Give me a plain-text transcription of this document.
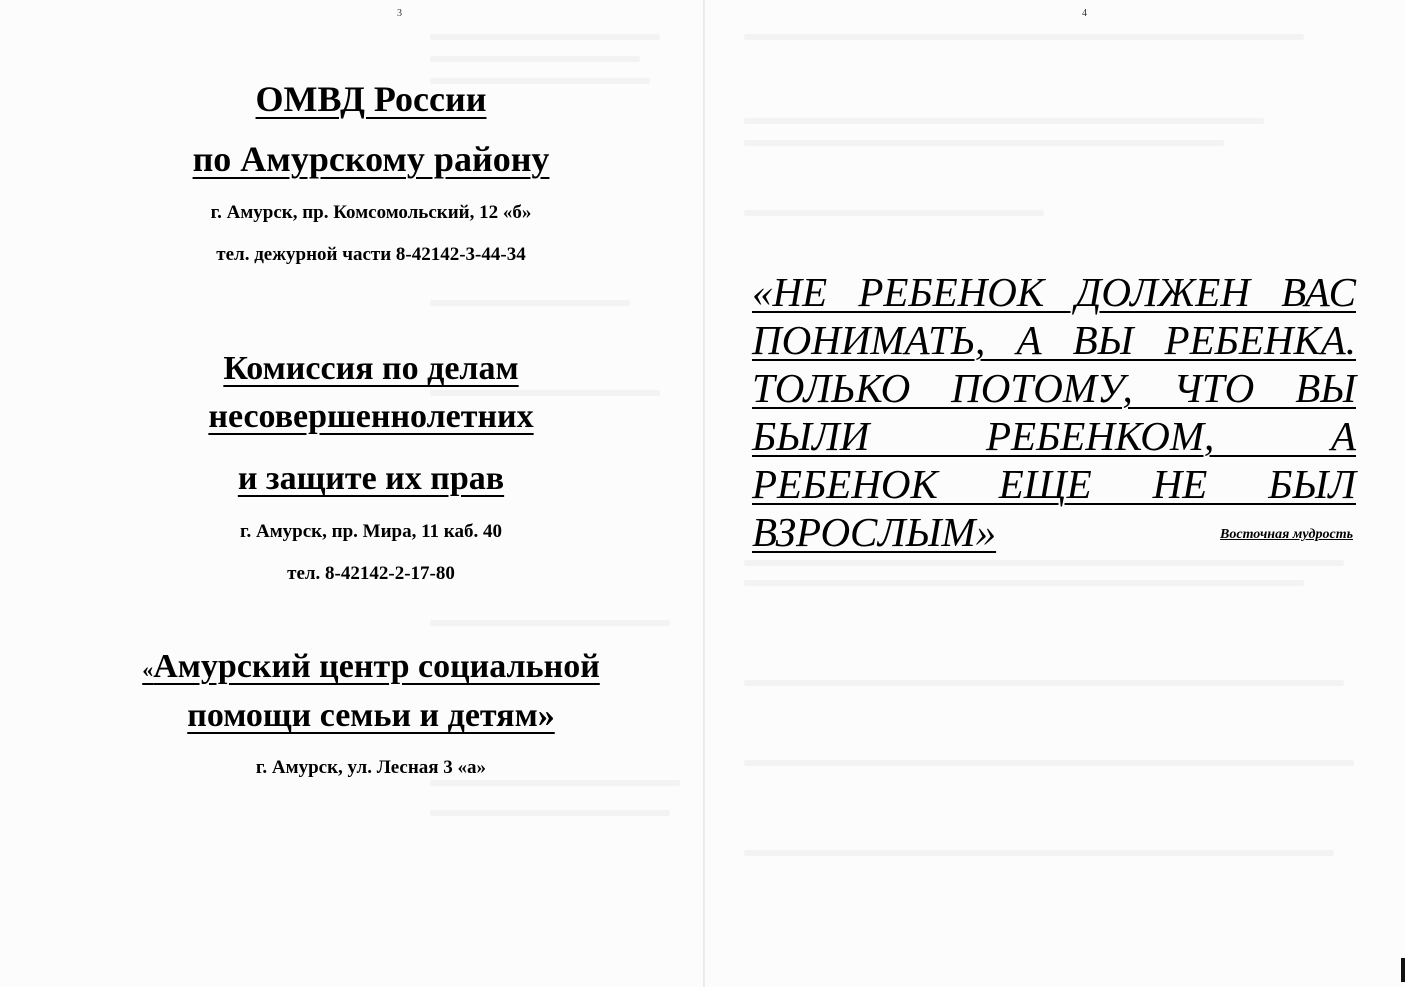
3
ОМВД России
по Амурскому району
г. Амурск, пр. Комсомольский, 12 «б»
тел. дежурной части 8-42142-3-44-34
Комиссия по делам
несовершеннолетних
и защите их прав
г. Амурск, пр. Мира, 11 каб. 40
тел. 8-42142-2-17-80
«Амурский центр социальной
помощи семьи и детям»
г. Амурск, ул. Лесная 3 «а»
4
«НЕ РЕБЕНОК ДОЛЖЕН ВАС ПОНИМАТЬ, А ВЫ РЕБЕНКА. ТОЛЬКО ПОТОМУ, ЧТО ВЫ БЫЛИ РЕБЕНКОМ, А РЕБЕНОК ЕЩЕ НЕ БЫЛ ВЗРОСЛЫМ»	Восточная мудрость
